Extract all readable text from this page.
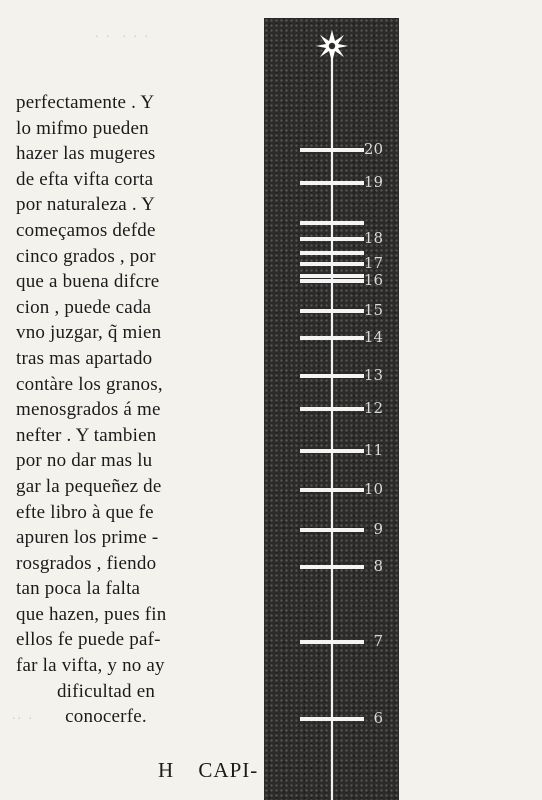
· ·  · · ·
·· ·
perfectamente . Y
lo mifmo pueden
hazer las mugeres
de efta vifta corta
por naturaleza . Y
começamos defde
cinco grados , por
que a buena difcre
cion , puede cada
vno juzgar, q̃ mien
tras mas apartado
contàre los granos,
menosgrados á me
nefter . Y tambien
por no dar mas lu
gar la pequeñez de
efte libro à que fe
apuren los prime -
rosgrados , fiendo
tan poca la falta
que hazen, pues fin
ellos fe puede paf-
far la vifta, y no ay
dificultad en
conocerfe.
H CAPI-
20
19
18
17
16
15
14
13
12
11
10
9
8
7
6
